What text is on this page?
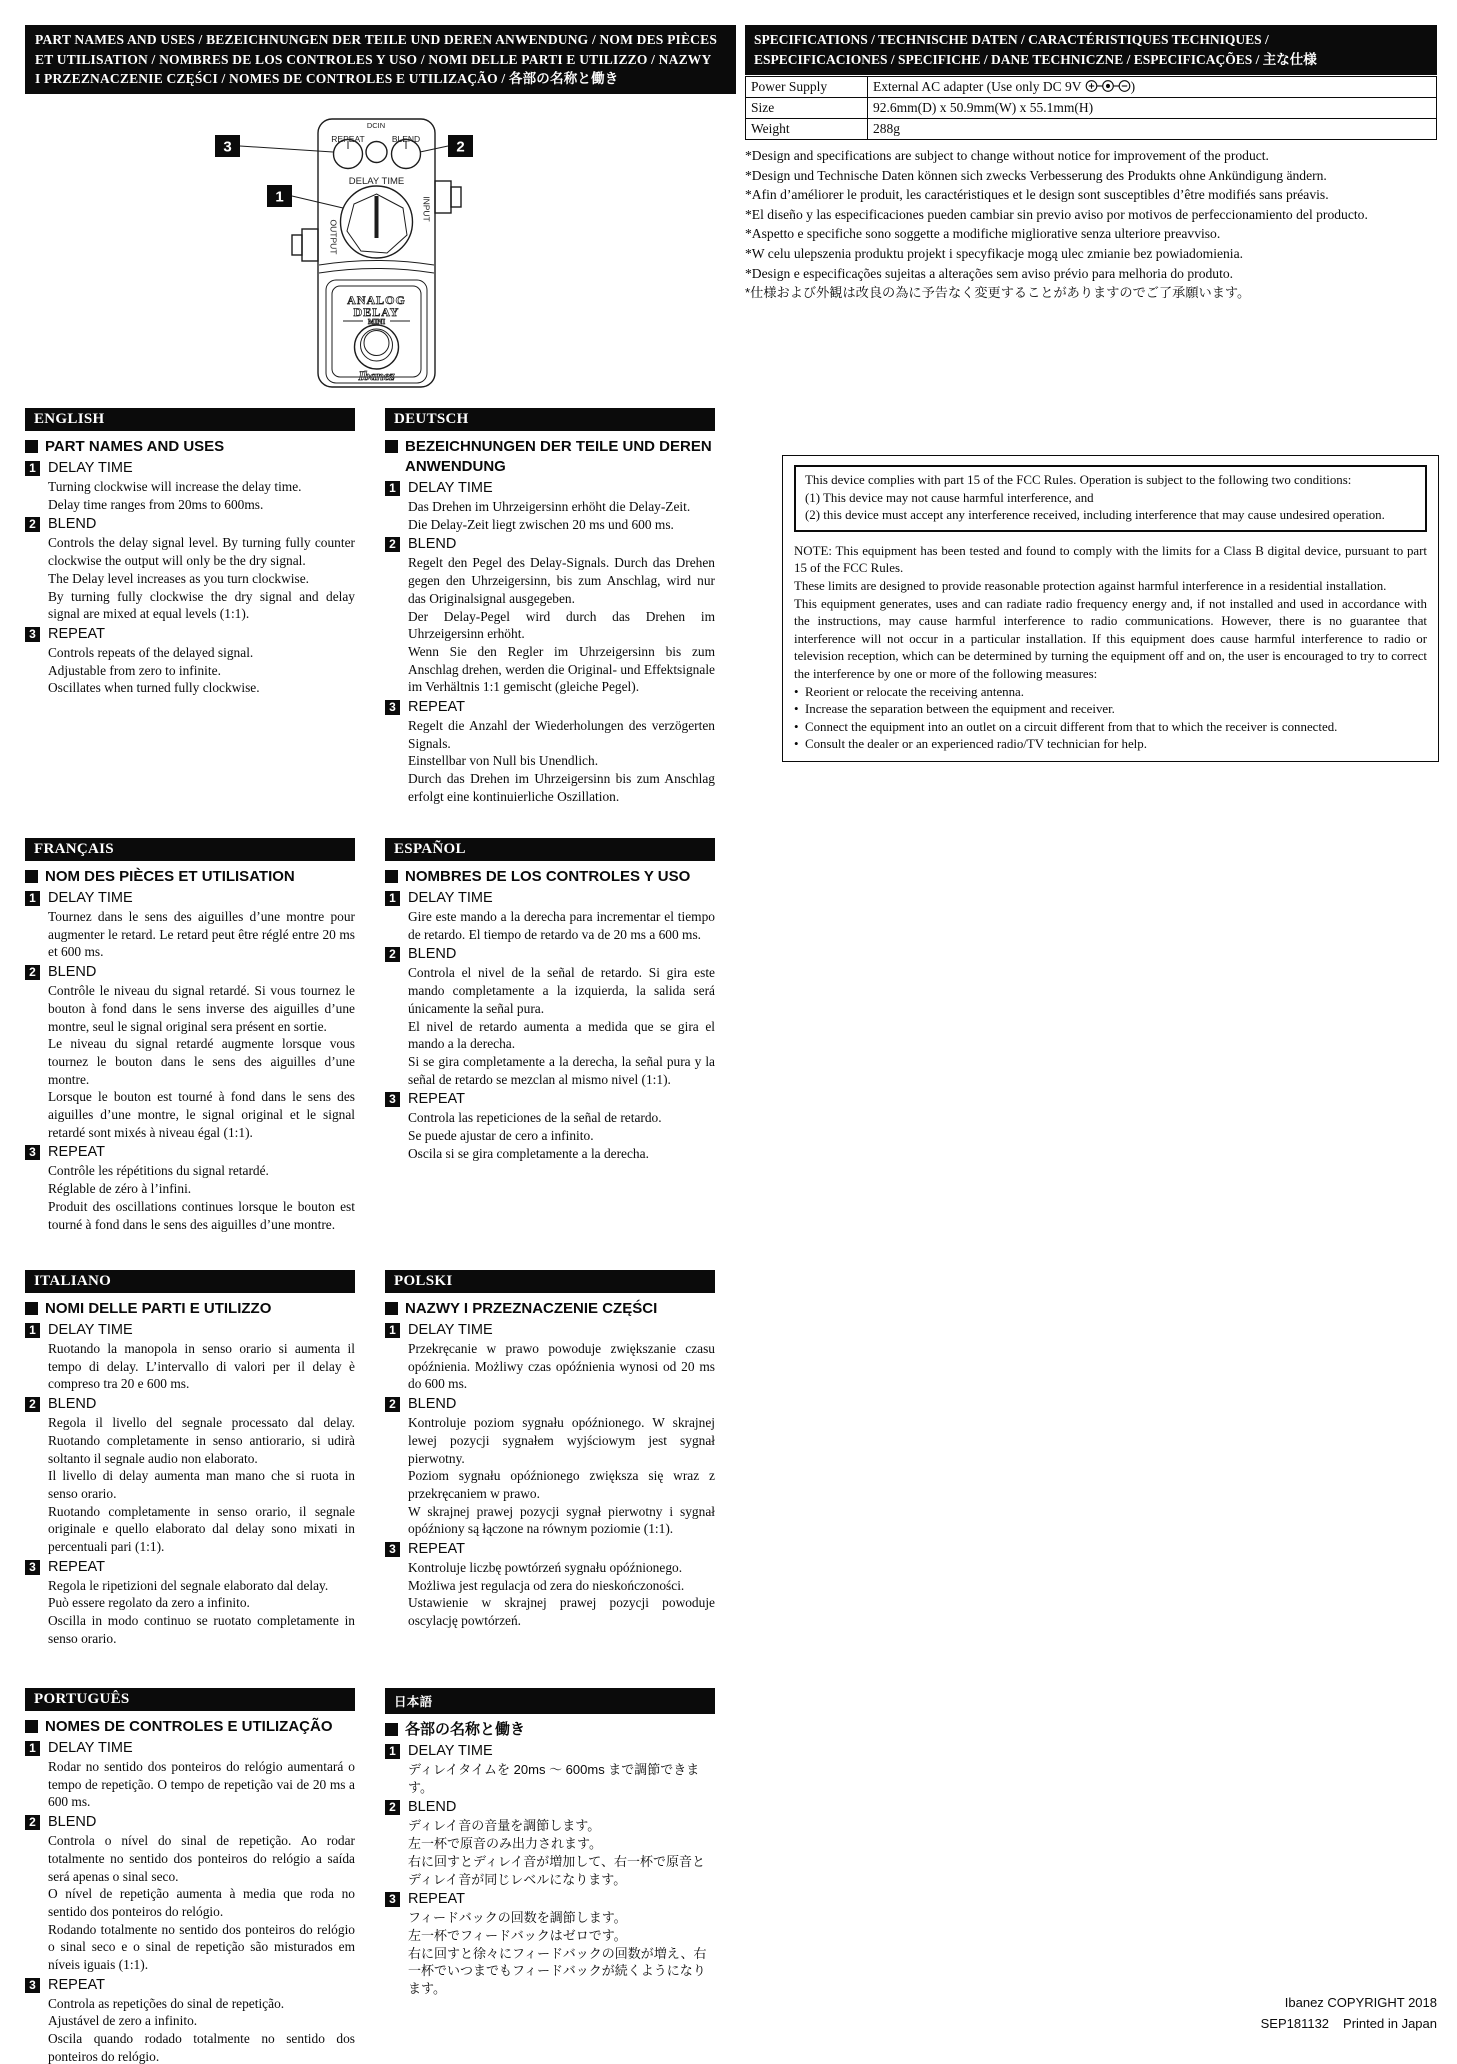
PART NAMES AND USES / BEZEICHNUNGEN DER TEILE UND DEREN ANWENDUNG / NOM DES PIÈCES
ET UTILISATION / NOMBRES DE LOS CONTROLES Y USO / NOMI DELLE PARTI E UTILIZZO / NAZWY
I PRZEZNACZENIE CZĘŚCI / NOMES DE CONTROLES E UTILIZAÇÃO / 各部の名称と働き
DCIN
REPEAT	BLEND
DELAY TIME
OUTPUT
INPUT
ANALOG
DELAY
MINI
Ibanez
3	2
1
SPECIFICATIONS / TECHNISCHE DATEN / CARACTÉRISTIQUES TECHNIQUES /
ESPECIFICACIONES / SPECIFICHE / DANE TECHNICZNE / ESPECIFICAÇÕES / 主な仕様
Power Supply	External AC adapter (Use only DC 9V )
Size	92.6mm(D) x 50.9mm(W) x 55.1mm(H)
Weight	288g
*Design and specifications are subject to change without notice for improvement of the product.
*Design und Technische Daten können sich zwecks Verbesserung des Produkts ohne Ankündigung ändern.
*Afin d’améliorer le produit, les caractéristiques et le design sont susceptibles d’être modifiés sans préavis.
*El diseño y las especificaciones pueden cambiar sin previo aviso por motivos de perfeccionamiento del producto.
*Aspetto e specifiche sono soggette a modifiche migliorative senza ulteriore preavviso.
*W celu ulepszenia produktu projekt i specyfikacje mogą ulec zmianie bez powiadomienia.
*Design e especificações sujeitas a alterações sem aviso prévio para melhoria do produto.
*仕様および外観は改良の為に予告なく変更することがありますのでご了承願います。
This device complies with part 15 of the FCC Rules. Operation is subject to the following two conditions:
(1) This device may not cause harmful interference, and
(2) this device must accept any interference received, including interference that may cause undesired operation.

NOTE: This equipment has been tested and found to comply with the limits for a Class B digital device, pursuant to part 15 of the FCC Rules.

These limits are designed to provide reasonable protection against harmful interference in a residential installation.

This equipment generates, uses and can radiate radio frequency energy and, if not installed and used in accordance with the instructions, may cause harmful interference to radio communications. However, there is no guarantee that interference will not occur in a particular installation. If this equipment does cause harmful interference to radio or television reception, which can be determined by turning the equipment off and on, the user is encouraged to try to correct the interference by one or more of the following measures:

•  Reorient or relocate the receiving antenna.
•  Increase the separation between the equipment and receiver.
•  Connect the equipment into an outlet on a circuit different from that to which the receiver is connected.
•  Consult the dealer or an experienced radio/TV technician for help.
ENGLISH
PART NAMES AND USES
1 DELAY TIME

Turning clockwise will increase the delay time.

Delay time ranges from 20ms to 600ms.

2 BLEND

Controls the delay signal level. By turning fully counter clockwise the output will only be the dry signal.

The Delay level increases as you turn clockwise.

By turning fully clockwise the dry signal and delay signal are mixed at equal levels (1:1).

3 REPEAT

Controls repeats of the delayed signal.

Adjustable from zero to infinite.

Oscillates when turned fully clockwise.

DEUTSCH
BEZEICHNUNGEN DER TEILE UND DEREN ANWENDUNG
1 DELAY TIME

Das Drehen im Uhrzeigersinn erhöht die Delay-Zeit.

Die Delay-Zeit liegt zwischen 20 ms und 600 ms.

2 BLEND

Regelt den Pegel des Delay-Signals. Durch das Drehen gegen den Uhrzeigersinn, bis zum Anschlag, wird nur das Originalsignal ausgegeben.

Der Delay-Pegel wird durch das Drehen im Uhrzeigersinn erhöht.

Wenn Sie den Regler im Uhrzeigersinn bis zum Anschlag drehen, werden die Original- und Effektsignale im Verhältnis 1:1 gemischt (gleiche Pegel).

3 REPEAT

Regelt die Anzahl der Wiederholungen des verzögerten Signals.

Einstellbar von Null bis Unendlich.

Durch das Drehen im Uhrzeigersinn bis zum Anschlag erfolgt eine kontinuierliche Oszillation.

FRANÇAIS
NOM DES PIÈCES ET UTILISATION
1 DELAY TIME

Tournez dans le sens des aiguilles d’une montre pour augmenter le retard. Le retard peut être réglé entre 20 ms et 600 ms.

2 BLEND

Contrôle le niveau du signal retardé. Si vous tournez le bouton à fond dans le sens inverse des aiguilles d’une montre, seul le signal original sera présent en sortie.

Le niveau du signal retardé augmente lorsque vous tournez le bouton dans le sens des aiguilles d’une montre.

Lorsque le bouton est tourné à fond dans le sens des aiguilles d’une montre, le signal original et le signal retardé sont mixés à niveau égal (1:1).

3 REPEAT

Contrôle les répétitions du signal retardé.

Réglable de zéro à l’infini.

Produit des oscillations continues lorsque le bouton est tourné à fond dans le sens des aiguilles d’une montre.

ESPAÑOL
NOMBRES DE LOS CONTROLES Y USO
1 DELAY TIME

Gire este mando a la derecha para incrementar el tiempo de retardo. El tiempo de retardo va de 20 ms a 600 ms.

2 BLEND

Controla el nivel de la señal de retardo. Si gira este mando completamente a la izquierda, la salida será únicamente la señal pura.

El nivel de retardo aumenta a medida que se gira el mando a la derecha.

Si se gira completamente a la derecha, la señal pura y la señal de retardo se mezclan al mismo nivel (1:1).

3 REPEAT

Controla las repeticiones de la señal de retardo.

Se puede ajustar de cero a infinito.

Oscila si se gira completamente a la derecha.

ITALIANO
NOMI DELLE PARTI E UTILIZZO
1 DELAY TIME

Ruotando la manopola in senso orario si aumenta il tempo di delay. L’intervallo di valori per il delay è compreso tra 20 e 600 ms.

2 BLEND

Regola il livello del segnale processato dal delay. Ruotando completamente in senso antiorario, si udirà soltanto il segnale audio non elaborato.

Il livello di delay aumenta man mano che si ruota in senso orario.

Ruotando completamente in senso orario, il segnale originale e quello elaborato dal delay sono mixati in percentuali pari (1:1).

3 REPEAT

Regola le ripetizioni del segnale elaborato dal delay.

Può essere regolato da zero a infinito.

Oscilla in modo continuo se ruotato completamente in senso orario.

POLSKI
NAZWY I PRZEZNACZENIE CZĘŚCI
1 DELAY TIME

Przekręcanie w prawo powoduje zwiększanie czasu opóźnienia. Możliwy czas opóźnienia wynosi od 20 ms do 600 ms.

2 BLEND

Kontroluje poziom sygnału opóźnionego. W skrajnej lewej pozycji sygnałem wyjściowym jest sygnał pierwotny.

Poziom sygnału opóźnionego zwiększa się wraz z przekręcaniem w prawo.

W skrajnej prawej pozycji sygnał pierwotny i sygnał opóźniony są łączone na równym poziomie (1:1).

3 REPEAT

Kontroluje liczbę powtórzeń sygnału opóźnionego.

Możliwa jest regulacja od zera do nieskończoności.

Ustawienie w skrajnej prawej pozycji powoduje oscylację powtórzeń.

PORTUGUÊS
NOMES DE CONTROLES E UTILIZAÇÃO
1 DELAY TIME

Rodar no sentido dos ponteiros do relógio aumentará o tempo de repetição. O tempo de repetição vai de 20 ms a 600 ms.

2 BLEND

Controla o nível do sinal de repetição. Ao rodar totalmente no sentido dos ponteiros do relógio a saída será apenas o sinal seco.

O nível de repetição aumenta à media que roda no sentido dos ponteiros do relógio.

Rodando totalmente no sentido dos ponteiros do relógio o sinal seco e o sinal de repetição são misturados em níveis iguais (1:1).

3 REPEAT

Controla as repetições do sinal de repetição.

Ajustável de zero a infinito.

Oscila quando rodado totalmente no sentido dos ponteiros do relógio.

日本語
各部の名称と働き
1 DELAY TIME

ディレイタイムを 20ms ～ 600ms まで調節できます。

2 BLEND

ディレイ音の音量を調節します。

左一杯で原音のみ出力されます。

右に回すとディレイ音が増加して、右一杯で原音とディレイ音が同じレベルになります。

3 REPEAT

フィードバックの回数を調節します。

左一杯でフィードバックはゼロです。

右に回すと徐々にフィードバックの回数が増え、右一杯でいつまでもフィードバックが続くようになります。

Ibanez COPYRIGHT 2018
SEP181132 Printed in Japan
